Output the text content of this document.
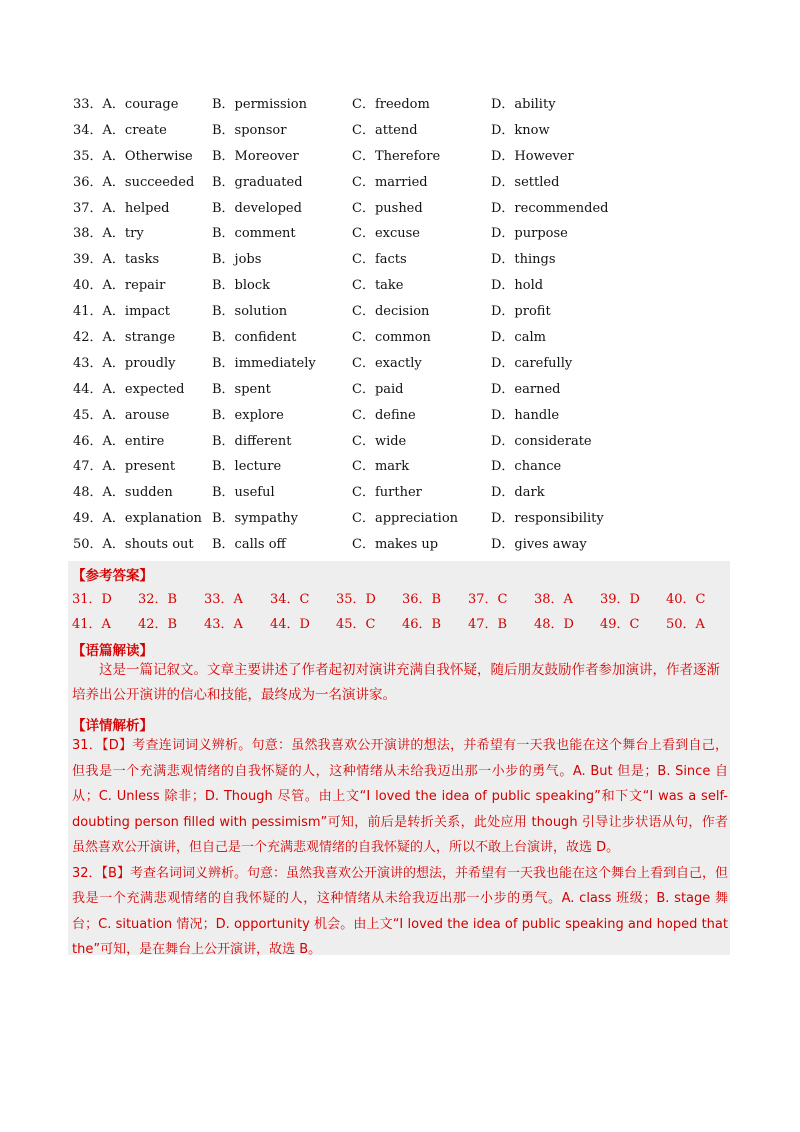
33．A．courage	B．permission	C．freedom	D．ability
34．A．create	B．sponsor	C．attend	D．know
35．A．Otherwise B．Moreover	C．Therefore	D．However
36．A．succeeded B．graduated	C．married	D．settled
37．A．helped	B．developed	C．pushed	D．recommended
38．A．try	B．comment	C．excuse	D．purpose
39．A．tasks	B．jobs	C．facts	D．things
40．A．repair	B．block	C．take	D．hold
41．A．impact	B．solution	C．decision	D．profit
42．A．strange	B．confident	C．common	D．calm
43．A．proudly	B．immediately	C．exactly	D．carefully
44．A．expected B．spent	C．paid	D．earned
45．A．arouse	B．explore	C．define	D．handle
46．A．entire	B．different	C．wide	D．considerate
47．A．present	B．lecture	C．mark	D．chance
48．A．sudden	B．useful	C．further	D．dark
49．A．explanation B．sympathy	C．appreciation	D．responsibility
50．A．shouts out B．calls off	C．makes up	D．gives away
【参考答案】
31．D 32．B 33．A 34．C 35．D 36．B 37．C 38．A 39．D 40．C
41．A 42．B 43．A 44．D 45．C 46．B 47．B 48．D 49．C 50．A
【语篇解读】

这是一篇记叙文。文章主要讲述了作者起初对演讲充满自我怀疑，随后朋友鼓励作者参加演讲，作者逐渐培养出公开演讲的信心和技能，最终成为一名演讲家。

【详情解析】

31．【D】考查连词词义辨析。句意：虽然我喜欢公开演讲的想法，并希望有一天我也能在这个舞台上看到自己，但我是一个充满悲观情绪的自我怀疑的人，这种情绪从未给我迈出那一小步的勇气。A. But 但是；B. Since 自从；C. Unless 除非；D. Though 尽管。由上文“I loved the idea of public speaking”和下文“I was a self-doubting person filled with pessimism”可知，前后是转折关系，此处应用 though 引导让步状语从句，作者虽然喜欢公开演讲，但自己是一个充满悲观情绪的自我怀疑的人，所以不敢上台演讲，故选 D。

32．【B】考查名词词义辨析。句意：虽然我喜欢公开演讲的想法，并希望有一天我也能在这个舞台上看到自己，但我是一个充满悲观情绪的自我怀疑的人，这种情绪从未给我迈出那一小步的勇气。A. class 班级；B. stage 舞台；C. situation 情况；D. opportunity 机会。由上文“I loved the idea of public speaking and hoped that the”可知，是在舞台上公开演讲，故选 B。
